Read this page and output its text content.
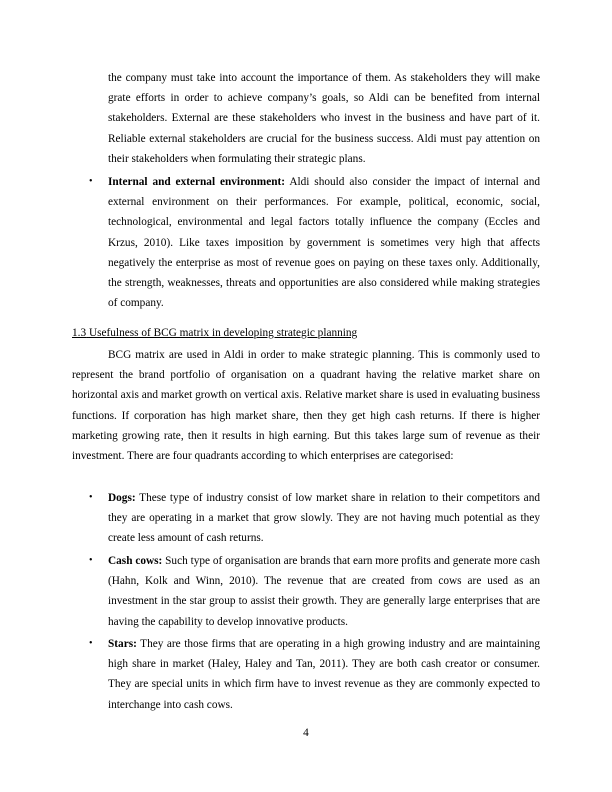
the company must take into account the importance of them. As stakeholders they will make grate efforts in order to achieve company’s goals, so Aldi can be benefited from internal stakeholders. External are these stakeholders who invest in the business and have part of it. Reliable external stakeholders are crucial for the business success. Aldi must pay attention on their stakeholders when formulating their strategic plans.

• Internal and external environment: Aldi should also consider the impact of internal and external environment on their performances. For example, political, economic, social, technological, environmental and legal factors totally influence the company (Eccles and Krzus, 2010). Like taxes imposition by government is sometimes very high that affects negatively the enterprise as most of revenue goes on paying on these taxes only. Additionally, the strength, weaknesses, threats and opportunities are also considered while making strategies of company.

1.3 Usefulness of BCG matrix in developing strategic planning

BCG matrix are used in Aldi in order to make strategic planning. This is commonly used to represent the brand portfolio of organisation on a quadrant having the relative market share on horizontal axis and market growth on vertical axis. Relative market share is used in evaluating business functions. If corporation has high market share, then they get high cash returns. If there is higher marketing growing rate, then it results in high earning. But this takes large sum of revenue as their investment. There are four quadrants according to which enterprises are categorised:

• Dogs: These type of industry consist of low market share in relation to their competitors and they are operating in a market that grow slowly. They are not having much potential as they create less amount of cash returns.
• Cash cows: Such type of organisation are brands that earn more profits and generate more cash (Hahn, Kolk and Winn, 2010). The revenue that are created from cows are used as an investment in the star group to assist their growth. They are generally large enterprises that are having the capability to develop innovative products.
• Stars: They are those firms that are operating in a high growing industry and are maintaining high share in market (Haley, Haley and Tan, 2011). They are both cash creator or consumer. They are special units in which firm have to invest revenue as they are commonly expected to interchange into cash cows.

4
